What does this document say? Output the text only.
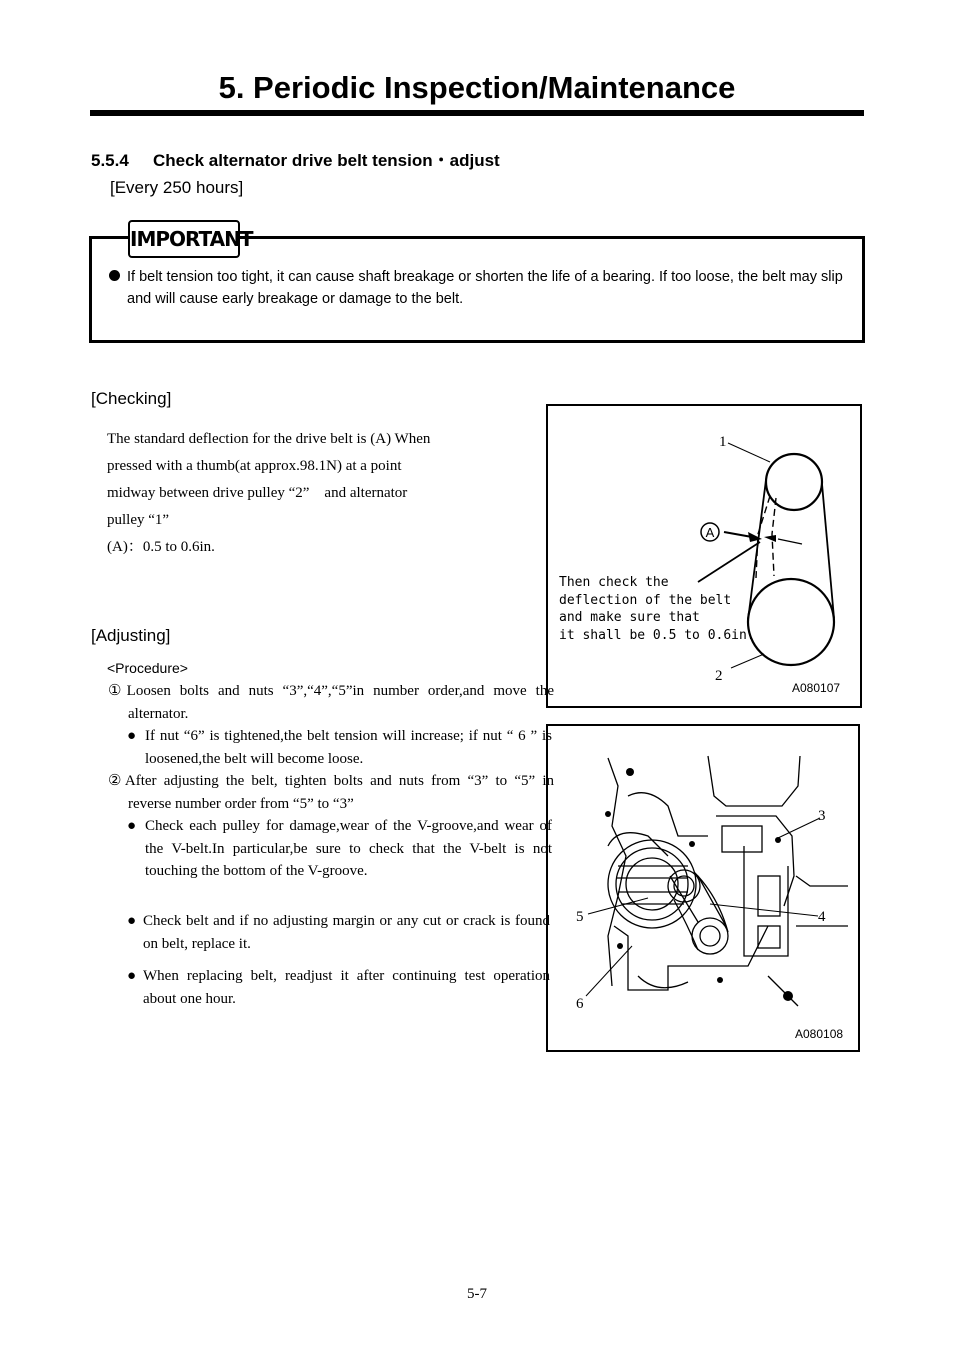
5. Periodic Inspection/Maintenance
5.5.4 Check alternator drive belt tension・adjust
[Every 250 hours]
IMPORTANT
If belt tension too tight, it can cause shaft breakage or shorten the life of a bearing. If too loose, the belt may slip and will cause early breakage or damage to the belt.
[Checking]
The standard deflection for the drive belt is (A) When
pressed with a thumb(at approx.98.1N) at a point
midway between drive pulley “2”　and alternator
pulley “1”
(A)：0.5 to 0.6in.
[Adjusting]
<Procedure>
①Loosen bolts and nuts “3”,“4”,“5”in number order,and move the alternator.
● If nut “6” is tightened,the belt tension will increase; if nut “ 6 ” is loosened,the belt will become loose.
②After adjusting the belt, tighten bolts and nuts from “3” to “5” in reverse number order from “5” to “3”
● Check each pulley for damage,wear of the V-groove,and wear of the V-belt.In particular,be sure to check that the V-belt is not touching the bottom of the V-groove.
● Check belt and if no adjusting margin or any cut or crack is found on belt, replace it.
● When replacing belt, readjust it after continuing test operation about one hour.
A
1
2
Then check the
deflection of the belt
and make sure that
it shall be 0.5 to 0.6in.
A080107
3
4
5
6
A080108
5-7
